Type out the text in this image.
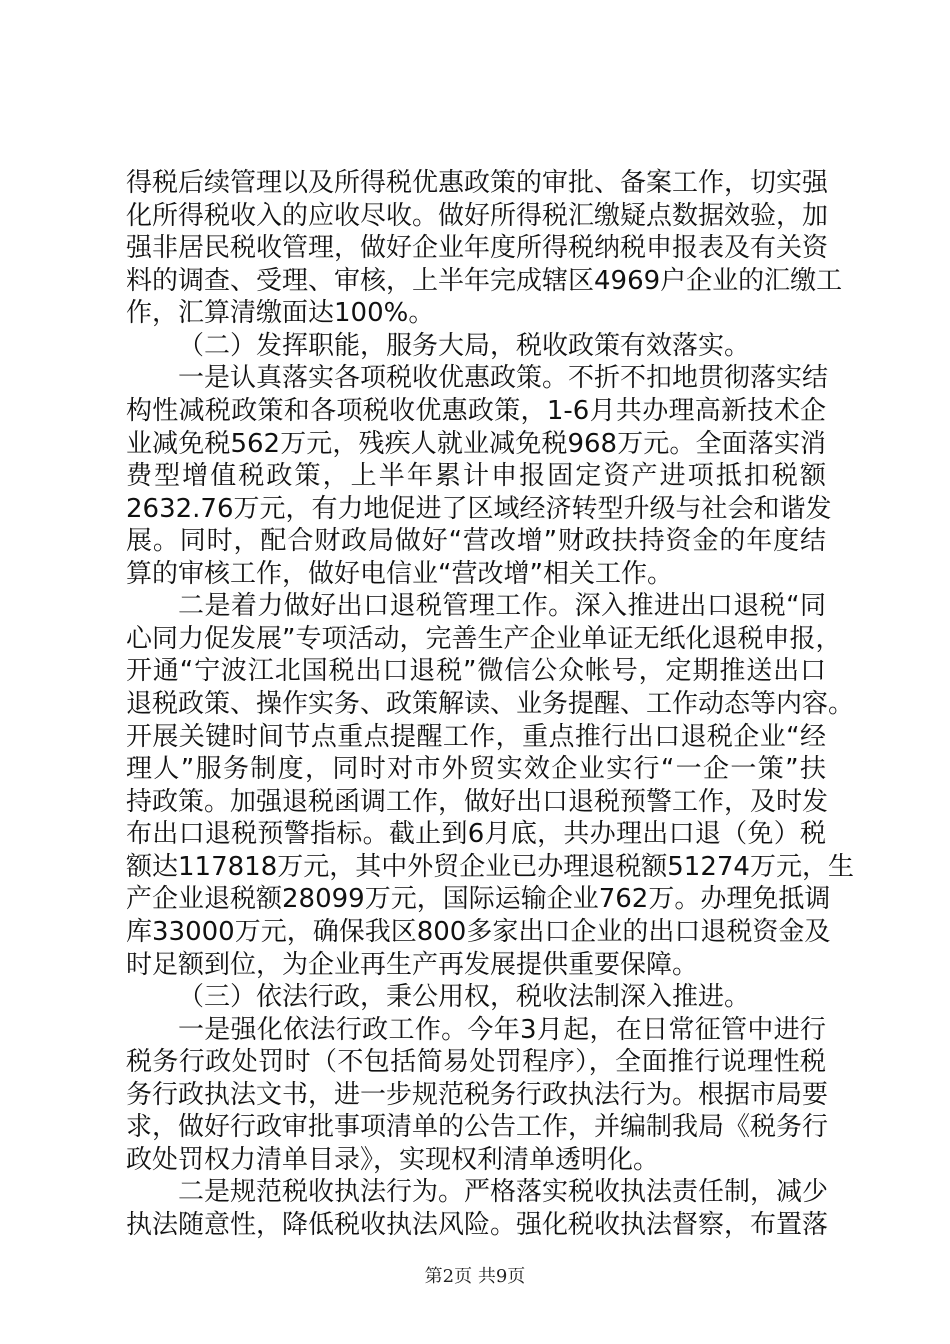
得税后续管理以及所得税优惠政策的审批、备案工作，切实强
化所得税收入的应收尽收。做好所得税汇缴疑点数据效验，加
强非居民税收管理，做好企业年度所得税纳税申报表及有关资
料的调查、受理、审核，上半年完成辖区4969户企业的汇缴工
作，汇算清缴面达100%。
（二）发挥职能，服务大局，税收政策有效落实。
一是认真落实各项税收优惠政策。不折不扣地贯彻落实结
构性减税政策和各项税收优惠政策，1-6月共办理高新技术企
业减免税562万元，残疾人就业减免税968万元。全面落实消
费型增值税政策，上半年累计申报固定资产进项抵扣税额
2632.76万元，有力地促进了区域经济转型升级与社会和谐发
展。同时，配合财政局做好“营改增”财政扶持资金的年度结
算的审核工作，做好电信业“营改增”相关工作。
二是着力做好出口退税管理工作。深入推进出口退税“同
心同力促发展”专项活动，完善生产企业单证无纸化退税申报，
开通“宁波江北国税出口退税”微信公众帐号，定期推送出口
退税政策、操作实务、政策解读、业务提醒、工作动态等内容。
开展关键时间节点重点提醒工作，重点推行出口退税企业“经
理人”服务制度，同时对市外贸实效企业实行“一企一策”扶
持政策。加强退税函调工作，做好出口退税预警工作，及时发
布出口退税预警指标。截止到6月底，共办理出口退（免）税
额达117818万元，其中外贸企业已办理退税额51274万元，生
产企业退税额28099万元，国际运输企业762万。办理免抵调
库33000万元，确保我区800多家出口企业的出口退税资金及
时足额到位，为企业再生产再发展提供重要保障。
（三）依法行政，秉公用权，税收法制深入推进。
一是强化依法行政工作。今年3月起，在日常征管中进行
税务行政处罚时（不包括简易处罚程序），全面推行说理性税
务行政执法文书，进一步规范税务行政执法行为。根据市局要
求，做好行政审批事项清单的公告工作，并编制我局《税务行
政处罚权力清单目录》，实现权利清单透明化。
二是规范税收执法行为。严格落实税收执法责任制，减少
执法随意性，降低税收执法风险。强化税收执法督察，布置落
第2页 共9页
